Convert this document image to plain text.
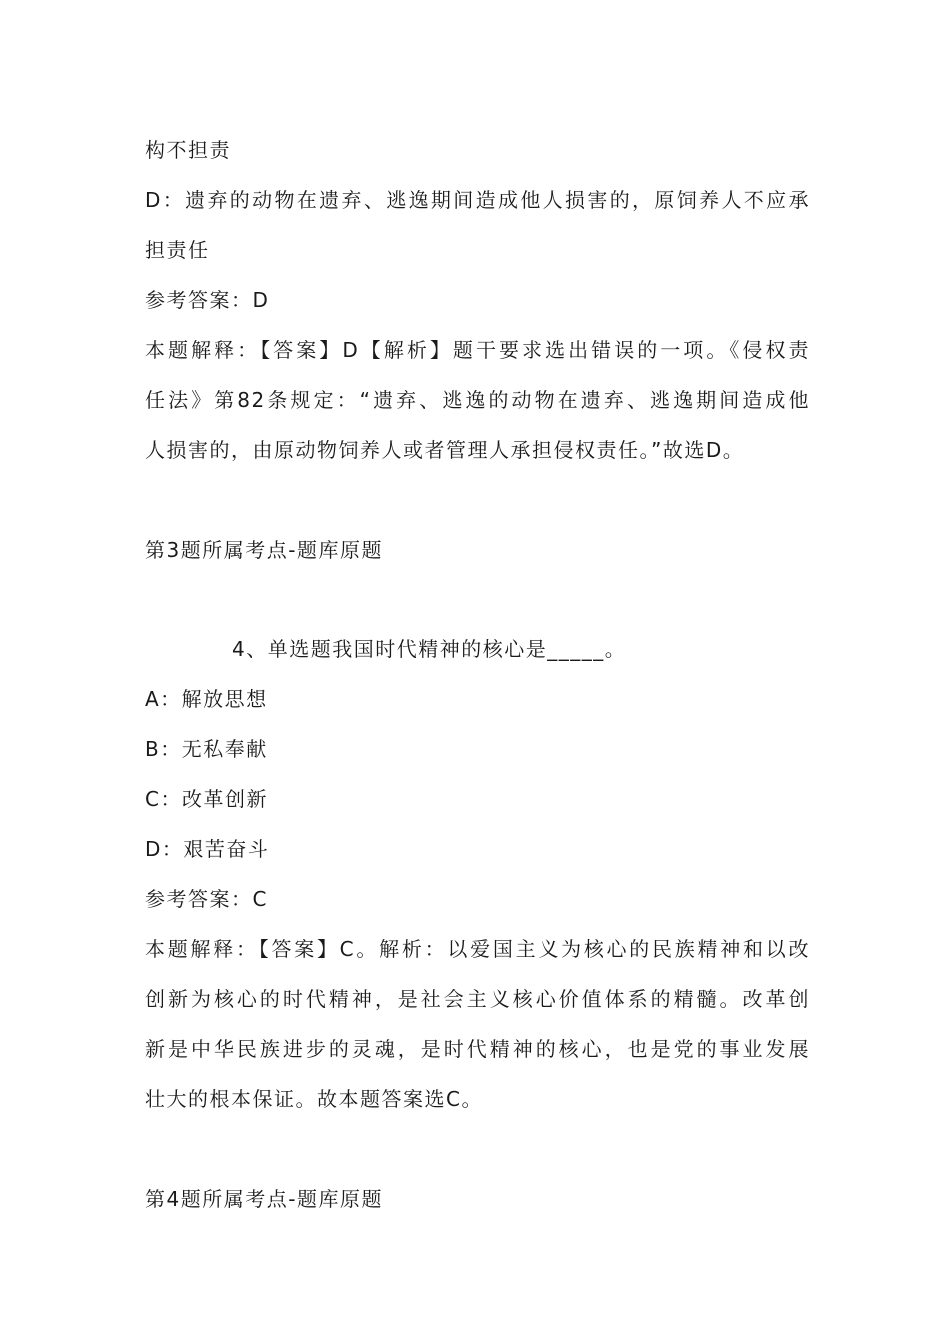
构不担责
D：遗弃的动物在遗弃、逃逸期间造成他人损害的，原饲养人不应承
担责任
参考答案：D
本题解释：【答案】D【解析】题干要求选出错误的一项。《侵权责
任法》第82条规定：“遗弃、逃逸的动物在遗弃、逃逸期间造成他
人损害的，由原动物饲养人或者管理人承担侵权责任。”故选D。
第3题所属考点-题库原题
4、单选题我国时代精神的核心是_____。
A：解放思想
B：无私奉献
C：改革创新
D：艰苦奋斗
参考答案：C
本题解释：【答案】C。解析：以爱国主义为核心的民族精神和以改
创新为核心的时代精神，是社会主义核心价值体系的精髓。改革创
新是中华民族进步的灵魂，是时代精神的核心，也是党的事业发展
壮大的根本保证。故本题答案选C。
第4题所属考点-题库原题
